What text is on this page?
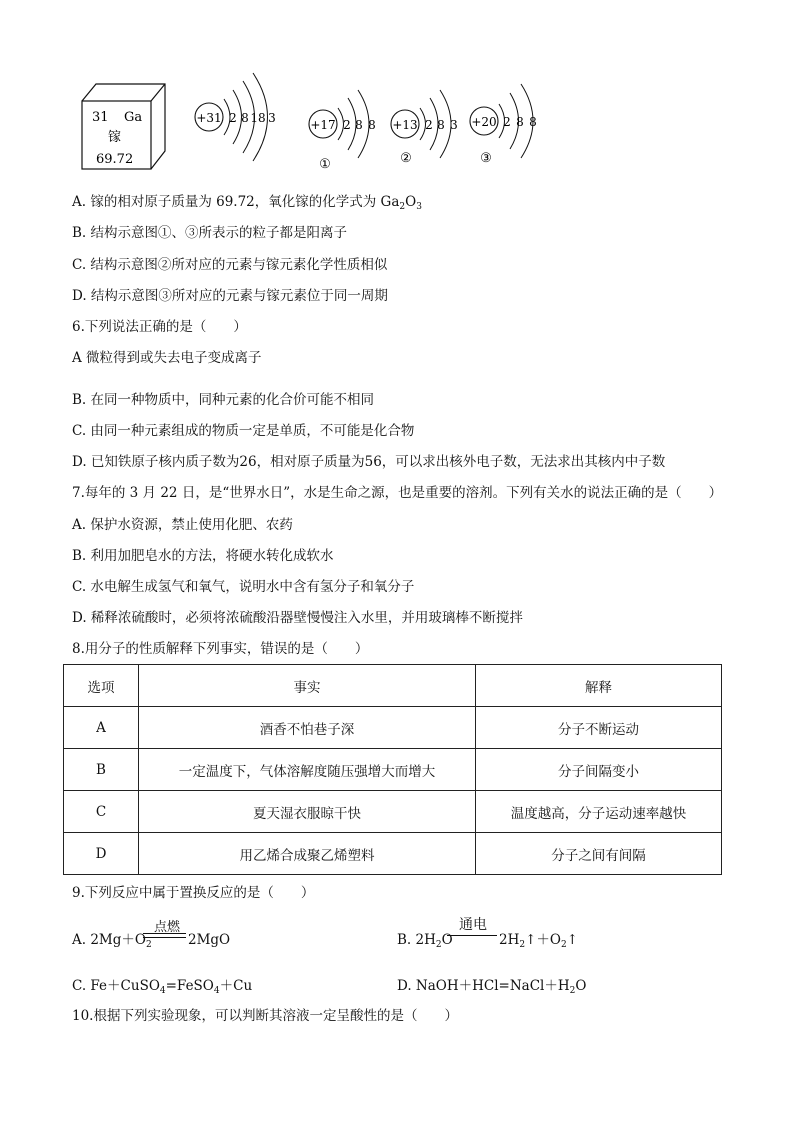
31 Ga
镓
69.72
+31 2 8 18 3	+17 2 8 8
①
+13 2 8 3
②
+20 2 8 8
③
A. 镓的相对原子质量为 69.72，氧化镓的化学式为 $Ga_2O_3$
B. 结构示意图①、③所表示的粒子都是阳离子
C. 结构示意图②所对应的元素与镓元素化学性质相似
D. 结构示意图③所对应的元素与镓元素位于同一周期
6.下列说法正确的是（　　）
A 微粒得到或失去电子变成离子
B. 在同一种物质中，同种元素的化合价可能不相同
C. 由同一种元素组成的物质一定是单质，不可能是化合物
D. 已知铁原子核内质子数为26，相对原子质量为56，可以求出核外电子数，无法求出其核内中子数
7.每年的 3 月 22 日，是“世界水日”，水是生命之源，也是重要的溶剂。下列有关水的说法正确的是（　　）
A. 保护水资源，禁止使用化肥、农药
B. 利用加肥皂水的方法，将硬水转化成软水
C. 水电解生成氢气和氧气，说明水中含有氢分子和氧分子
D. 稀释浓硫酸时，必须将浓硫酸沿器壁慢慢注入水里，并用玻璃棒不断搅拌
8.用分子的性质解释下列事实，错误的是（　　）
选项	事实	解释
A	酒香不怕巷子深	分子不断运动
B	一定温度下，气体溶解度随压强增大而增大	分子间隔变小
C	夏天湿衣服晾干快	温度越高，分子运动速率越快
D	用乙烯合成聚乙烯塑料	分子之间有间隔
9.下列反应中属于置换反应的是（　　）
A. $2Mg+O_2$
点燃
2MgO	B. $2H_2O$
通电
$2H_2↑+O_2↑$
C. Fe＋CuSO$_4$=FeSO$_4$＋Cu	D. $NaOH+HCl=NaCl+H_2O$
10.根据下列实验现象，可以判断其溶液一定呈酸性的是（　　）
